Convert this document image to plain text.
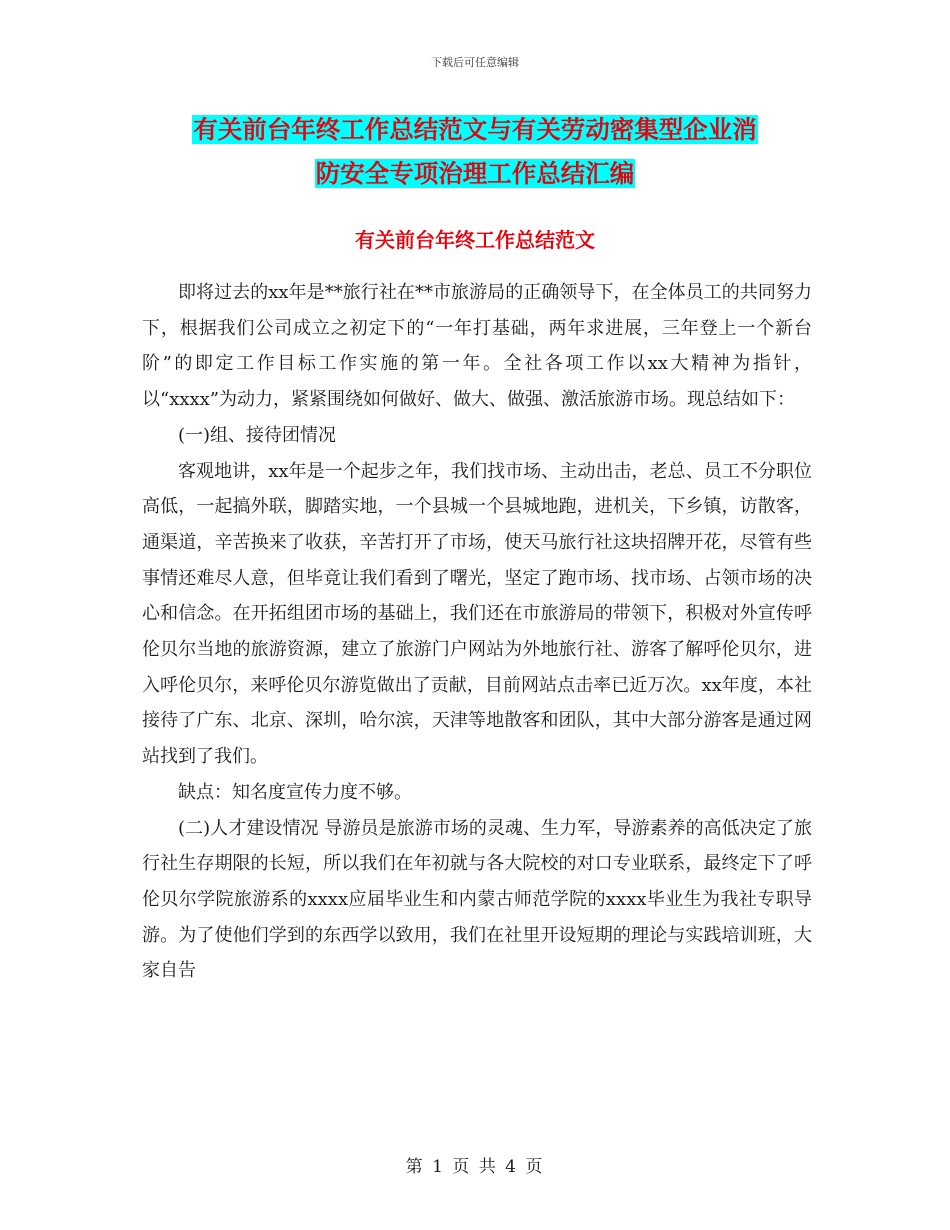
下载后可任意编辑
有关前台年终工作总结范文与有关劳动密集型企业消
防安全专项治理工作总结汇编
有关前台年终工作总结范文

即将过去的xx年是**旅行社在**市旅游局的正确领导下，在全体员工的共同努力下，根据我们公司成立之初定下的“一年打基础，两年求进展，三年登上一个新台阶”的即定工作目标工作实施的第一年。全社各项工作以xx大精神为指针，以“xxxx”为动力，紧紧围绕如何做好、做大、做强、激活旅游市场。现总结如下：

(一)组、接待团情况

客观地讲，xx年是一个起步之年，我们找市场、主动出击，老总、员工不分职位高低，一起搞外联，脚踏实地，一个县城一个县城地跑，进机关，下乡镇，访散客，通渠道，辛苦换来了收获，辛苦打开了市场，使天马旅行社这块招牌开花，尽管有些事情还难尽人意，但毕竟让我们看到了曙光，坚定了跑市场、找市场、占领市场的决心和信念。在开拓组团市场的基础上，我们还在市旅游局的带领下，积极对外宣传呼伦贝尔当地的旅游资源，建立了旅游门户网站为外地旅行社、游客了解呼伦贝尔，进入呼伦贝尔，来呼伦贝尔游览做出了贡献，目前网站点击率已近万次。xx年度，本社接待了广东、北京、深圳，哈尔滨，天津等地散客和团队，其中大部分游客是通过网站找到了我们。

缺点：知名度宣传力度不够。

(二)人才建设情况 导游员是旅游市场的灵魂、生力军，导游素养的高低决定了旅行社生存期限的长短，所以我们在年初就与各大院校的对口专业联系，最终定下了呼伦贝尔学院旅游系的xxxx应届毕业生和内蒙古师范学院的xxxx毕业生为我社专职导游。为了使他们学到的东西学以致用，我们在社里开设短期的理论与实践培训班，大家自告

第 1 页 共 4 页
